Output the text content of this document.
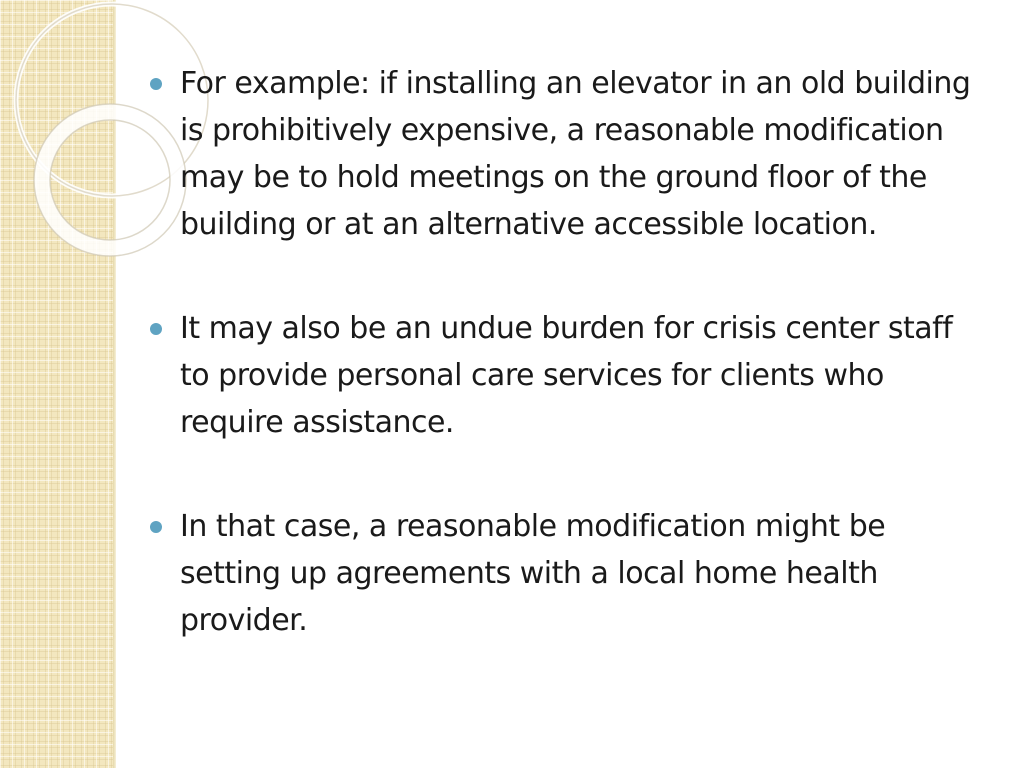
For example: if installing an elevator in an old building is prohibitively expensive, a reasonable modification may be to hold meetings on the ground floor of the building or at an alternative accessible location.
It may also be an undue burden for crisis center staff to provide personal care services for clients who require assistance.
In that case, a reasonable modification might be setting up agreements with a local home health provider.
